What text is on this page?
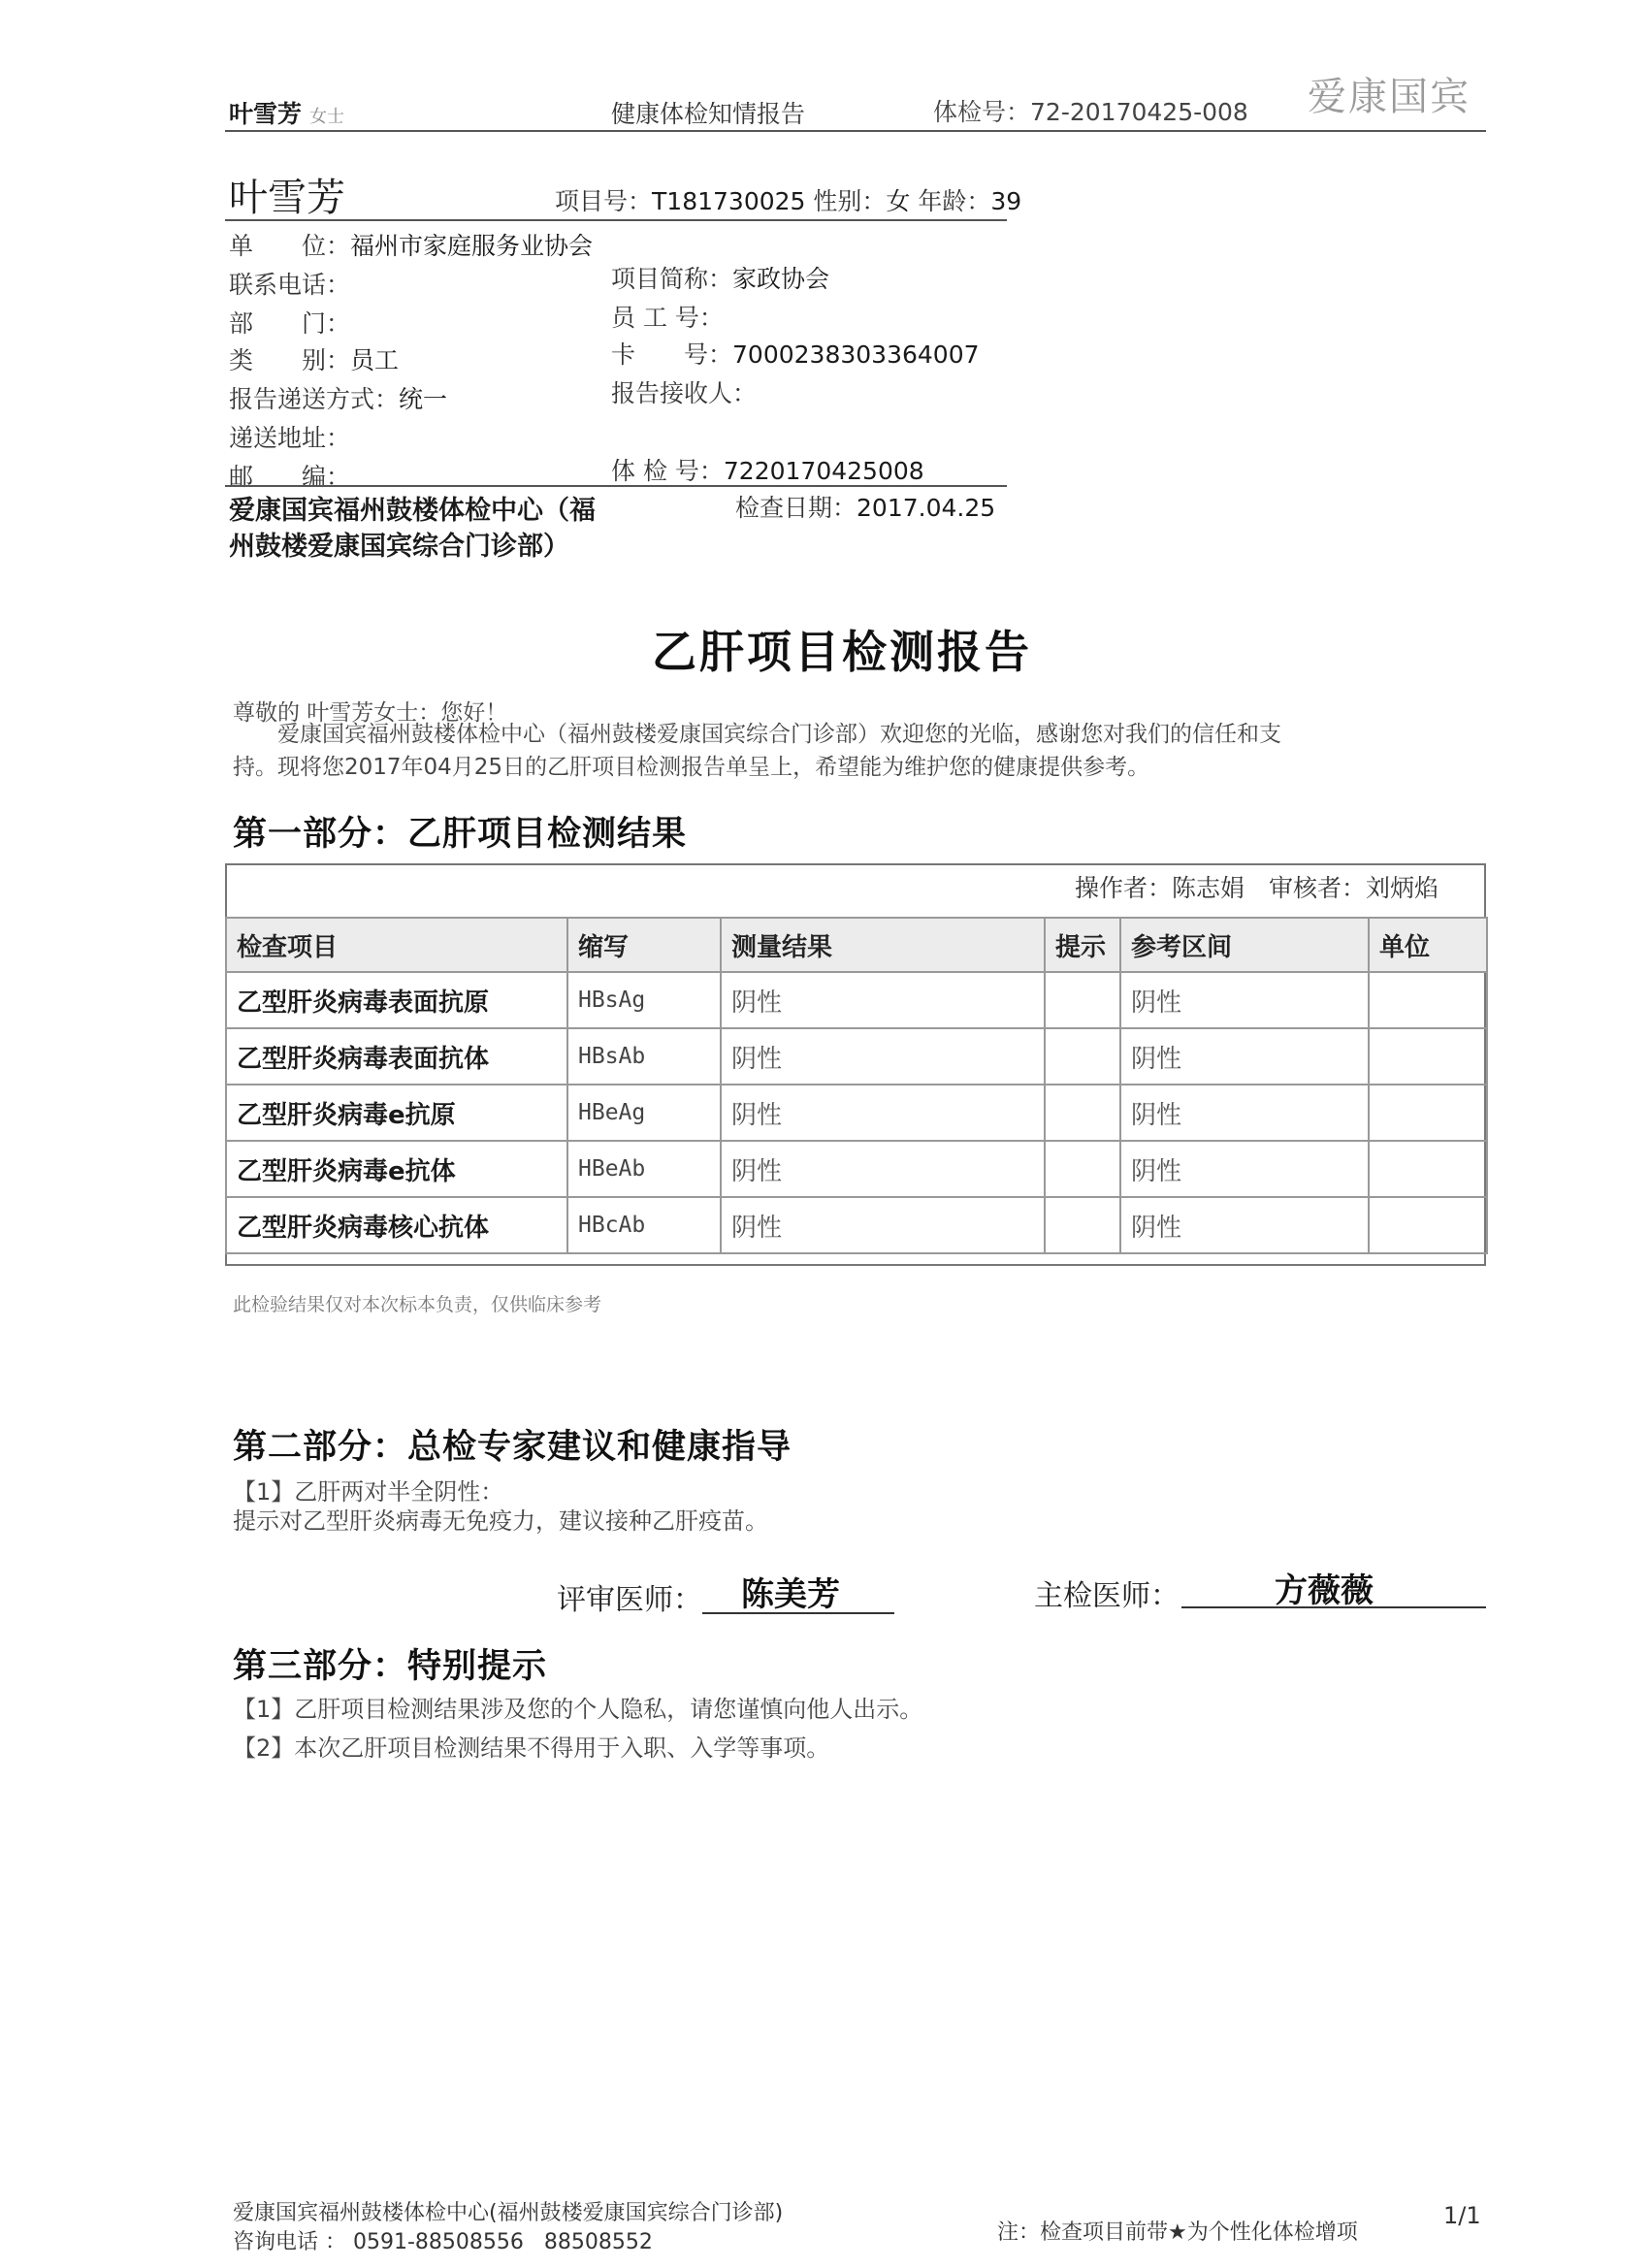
叶雪芳 女士	健康体检知情报告	体检号：72-20170425-008 爱康国宾
叶雪芳	项目号：T181730025 性别：女 年龄：39
单　　位：福州市家庭服务业协会
联系电话：	项目简称：家政协会
部　　门：	员 工 号：
类　　别：员工	卡　　号：7000238303364007
报告递送方式：统一	报告接收人：
递送地址：
邮　　编：	体 检 号：7220170425008
爱康国宾福州鼓楼体检中心（福州鼓楼爱康国宾综合门诊部）
检查日期：2017.04.25
乙肝项目检测报告
尊敬的 叶雪芳女士：您好！
爱康国宾福州鼓楼体检中心（福州鼓楼爱康国宾综合门诊部）欢迎您的光临，感谢您对我们的信任和支
持。现将您2017年04月25日的乙肝项目检测报告单呈上，希望能为维护您的健康提供参考。
第一部分：乙肝项目检测结果
操作者：陈志娟　 审核者：刘炳焰
检查项目	缩写	测量结果	提示	参考区间	单位
乙型肝炎病毒表面抗原	HBsAg	阴性		阴性	
乙型肝炎病毒表面抗体	HBsAb	阴性		阴性	
乙型肝炎病毒e抗原	HBeAg	阴性		阴性	
乙型肝炎病毒e抗体	HBeAb	阴性		阴性	
乙型肝炎病毒核心抗体	HBcAb	阴性		阴性	
此检验结果仅对本次标本负责，仅供临床参考
第二部分：总检专家建议和健康指导
【1】乙肝两对半全阴性：
提示对乙型肝炎病毒无免疫力，建议接种乙肝疫苗。
评审医师： 陈美芳	主检医师：	方薇薇
第三部分：特别提示
【1】乙肝项目检测结果涉及您的个人隐私，请您谨慎向他人出示。
【2】本次乙肝项目检测结果不得用于入职、入学等事项。
爱康国宾福州鼓楼体检中心(福州鼓楼爱康国宾综合门诊部)
咨询电话 ： 0591-88508556 88508552	注：检查项目前带★为个性化体检增项
1/1
